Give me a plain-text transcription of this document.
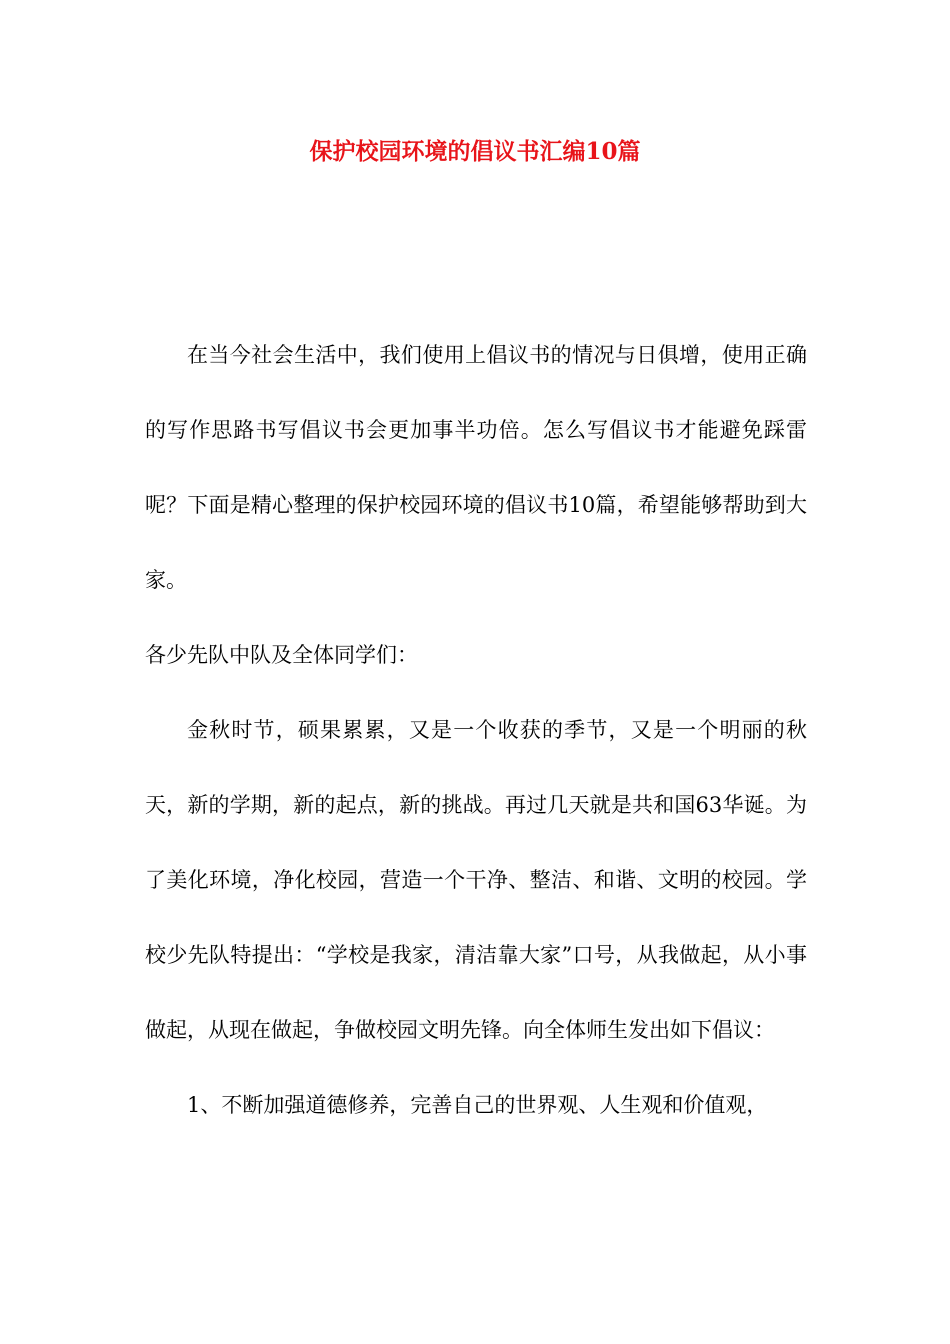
保护校园环境的倡议书汇编10篇

在当今社会生活中，我们使用上倡议书的情况与日俱增，使用正确的写作思路书写倡议书会更加事半功倍。怎么写倡议书才能避免踩雷呢？下面是精心整理的保护校园环境的倡议书10篇，希望能够帮助到大家。

各少先队中队及全体同学们：

金秋时节，硕果累累，又是一个收获的季节，又是一个明丽的秋天，新的学期，新的起点，新的挑战。再过几天就是共和国63华诞。为了美化环境，净化校园，营造一个干净、整洁、和谐、文明的校园。学校少先队特提出：“学校是我家，清洁靠大家”口号，从我做起，从小事做起，从现在做起，争做校园文明先锋。向全体师生发出如下倡议：

1、不断加强道德修养，完善自己的世界观、人生观和价值观，
